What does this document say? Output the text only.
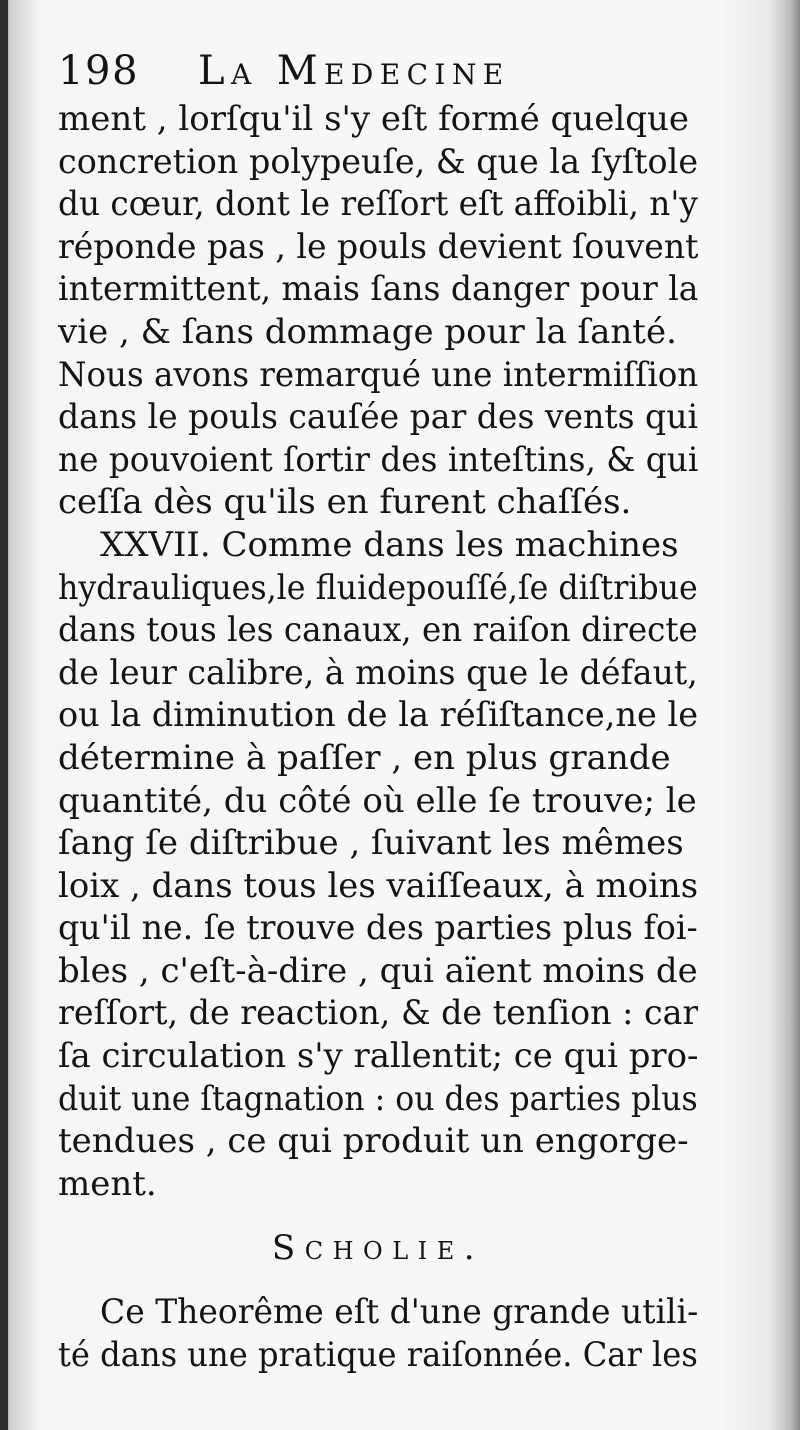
198	La Medecine
ment , lorſqu'il s'y eſt formé quelque
concretion polypeuſe, & que la ſyſtole
du cœur, dont le reſſort eſt affoibli, n'y
réponde pas , le pouls devient ſouvent
intermittent, mais ſans danger pour la
vie , & ſans dommage pour la ſanté.
Nous avons remarqué une intermiſſion
dans le pouls cauſée par des vents qui
ne pouvoient ſortir des inteſtins, & qui
ceſſa dès qu'ils en furent chaſſés.
XXVII. Comme dans les machines
hydrauliques,le fluidepouſſé,ſe diſtribue
dans tous les canaux, en raiſon directe
de leur calibre, à moins que le défaut,
ou la diminution de la réſiſtance,ne le
détermine à paſſer , en plus grande
quantité, du côté où elle ſe trouve; le
ſang ſe diſtribue , ſuivant les mêmes
loix , dans tous les vaiſſeaux, à moins
qu'il ne. ſe trouve des parties plus foi-
bles , c'eſt-à-dire , qui aïent moins de
reſſort, de reaction, & de tenſion : car
ſa circulation s'y rallentit; ce qui pro-
duit une ſtagnation : ou des parties plus
tendues , ce qui produit un engorge-
ment.
Scholie.
Ce Theorême eſt d'une grande utili-
té dans une pratique raiſonnée. Car les
